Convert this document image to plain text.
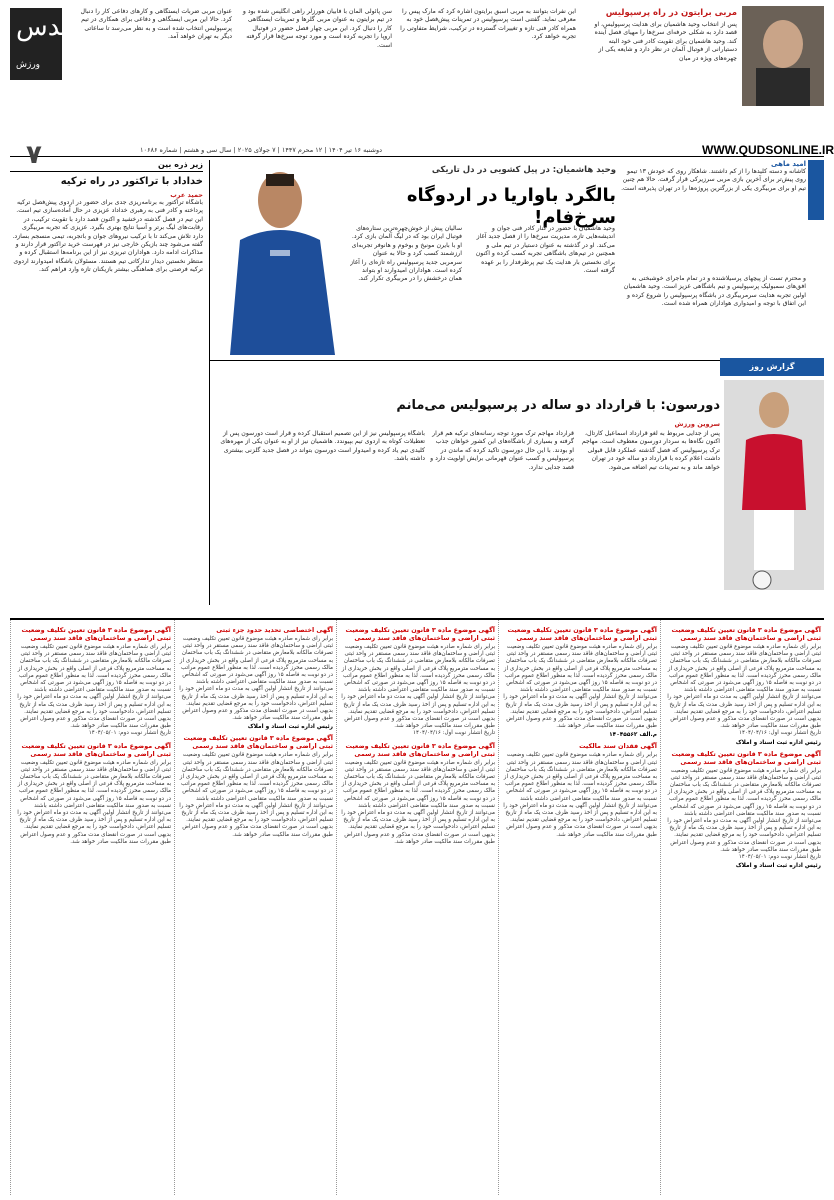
قدس
ورزش
مربی برایتون در راه پرسپولیس
پس از انتخاب وحید هاشمیان برای هدایت پرسپولیس، او قصد دارد به شکلی حرفه‌ای سرخ‌ها را مهیای فصل آینده کند. وحید هاشمیان برای تقویت کادر فنی خود البته دستیارانی از فوتبال آلمان در نظر دارد و شایعه یکی از چهره‌های ویژه در میان
این نفرات بتوانند به مربی اسبق برایتون اشاره کرد که مارک پیس را معرفی نماید. گفتنی است پرسپولیس در تمرینات پیش‌فصل خود به همراه کادر فنی تازه و تغییرات گسترده در ترکیب، شرایط متفاوتی را تجربه خواهد کرد.
سن پائولی آلمان با فابیان هورزلر راهی انگلیس شده بود و در تیم برایتون به عنوان مربی گلرها و تمرینات ایستگاهی کار را دنبال کرد. این مربی چهار فصل حضور در فوتبال اروپا را تجربه کرده است و مورد توجه سرخ‌ها قرار گرفته است.
عنوان مربی ضربات ایستگاهی و کارهای دفاعی کار را دنبال کرد. حالا این مربی ایستگاهی و دفاعی برای همکاری در تیم پرسپولیس انتخاب شده است و به نظر می‌رسد تا ساعاتی دیگر به تهران خواهد آمد.
WWW.QUDSONLINE.IR
دوشنبه ۱۶ تیر ۱۴۰۴ | ۱۲ محرم ۱۴۴۷ | ۷ جولای ۲۰۲۵ | سال سی و هشتم | شماره ۱۰۶۸۶
۷	امید ماهی
کاشانه و دسته کلیدها را از کم داشتند. شاهکار روی که خودش ۱۳ تیمو روی پیش‌تر برای آخرین بازی مربی سرزیرکی قرار گرفت. حالا هم چنین تیم او برای مربیگری یکی از بزرگترین پروژه‌ها را در تهران پذیرفته است.
وحید هاشمیان: در پیل کشویی در دل تاریکی
بالگرد باواریا در اردوگاه سرخ‌فام!
وحید هاشمیان با حضور در کنار کادر فنی جوان و اندیشه‌هایی تازه، مدیریت سرخ‌ها را از فصل جدید آغاز می‌کند. او در گذشته به عنوان دستیار در تیم ملی و همچنین در تیم‌های باشگاهی تجربه کسب کرده و اکنون برای نخستین بار هدایت یک تیم پرطرفدار را بر عهده گرفته است.
و محترم تست از پیچهای پرسیلاشنده و در تمام ماجرای خوشبختی به افق‌های سمبولیک پرسپولیس و تیم باشگاهی عزیز است. وحید هاشمیان اولین تجربه هدایت سرمربیگری در باشگاه پرسپولیس را شروع کرده و این اتفاق با توجه و امیدواری هواداران همراه شده است.
سالیان پیش از خوش‌چهره‌ترین ستاره‌های فوتبال ایران بود که در لیگ آلمان بازی کرد. او با بایرن مونیخ و بوخوم و هانوفر تجربه‌ای ارزشمند کسب کرد و حالا به عنوان سرمربی جدید پرسپولیس راه تازه‌ای را آغاز کرده است. هواداران امیدوارند او بتواند همان درخشش را در مربیگری تکرار کند.
زیر ذره بین
خداداد با تراکتور در راه ترکیه
حمید عرب
باشگاه تراکتور به برنامه‌ریزی جدی برای حضور در اردوی پیش‌فصل ترکیه پرداخته و کادر فنی به رهبری خداداد عزیزی در حال آماده‌سازی تیم است. این تیم در فصل گذشته درخشید و اکنون قصد دارد با تقویت ترکیب، در رقابت‌های لیگ برتر و آسیا نتایج بهتری بگیرد. عزیزی که تجربه مربیگری دارد تلاش می‌کند تا با ترکیب نیروهای جوان و باتجربه، تیمی منسجم بسازد. گفته می‌شود چند بازیکن خارجی نیز در فهرست خرید تراکتور قرار دارند و مذاکرات ادامه دارد. هواداران تبریزی نیز از این برنامه‌ها استقبال کرده و منتظر نخستین دیدار تدارکاتی تیم هستند. مسئولان باشگاه امیدوارند اردوی ترکیه فرصتی برای هماهنگی بیشتر بازیکنان تازه وارد فراهم کند.
گزارش روز
دورسون: با قرارداد دو ساله در پرسپولیس می‌مانم
سروین ورزش
پس از جدایی مربوط به لغو قرارداد اسماعیل کارتال، اکنون نگاه‌ها به سردار دورسون معطوف است. مهاجم ترک پرسپولیس که فصل گذشته عملکرد قابل قبولی داشت اعلام کرده با قرارداد دو ساله خود در تهران خواهد ماند و به تمرینات تیم اضافه می‌شود.
قرارداد مهاجم ترک مورد توجه رسانه‌های ترکیه هم قرار گرفته و بسیاری از باشگاه‌های این کشور خواهان جذب او بودند. با این حال دورسون تاکید کرده که ماندن در پرسپولیس و کسب عنوان قهرمانی برایش اولویت دارد و قصد جدایی ندارد.
باشگاه پرسپولیس نیز از این تصمیم استقبال کرده و قرار است دورسون پس از تعطیلات کوتاه به اردوی تیم بپیوندد. هاشمیان نیز از او به عنوان یکی از مهره‌های کلیدی تیم یاد کرده و امیدوار است دورسون بتواند در فصل جدید گلزنی بیشتری داشته باشد.
آگهی موضوع ماده ۳ قانون تعیین تکلیف وضعیت ثبتی اراضی و ساختمان‌های فاقد سند رسمی
برابر رای شماره صادره هیئت موضوع قانون تعیین تکلیف وضعیت ثبتی اراضی و ساختمان‌های فاقد سند رسمی مستقر در واحد ثبتی تصرفات مالکانه بلامعارض متقاضی در ششدانگ یک باب ساختمان به مساحت مترمربع پلاک فرعی از اصلی واقع در بخش خریداری از مالک رسمی محرز گردیده است. لذا به منظور اطلاع عموم مراتب در دو نوبت به فاصله ۱۵ روز آگهی می‌شود در صورتی که اشخاص نسبت به صدور سند مالکیت متقاضی اعتراضی داشته باشند می‌توانند از تاریخ انتشار اولین آگهی به مدت دو ماه اعتراض خود را به این اداره تسلیم و پس از اخذ رسید ظرف مدت یک ماه از تاریخ تسلیم اعتراض، دادخواست خود را به مرجع قضایی تقدیم نمایند. بدیهی است در صورت انقضای مدت مذکور و عدم وصول اعتراض طبق مقررات سند مالکیت صادر خواهد شد.
تاریخ انتشار نوبت اول: ۱۴۰۴/۰۴/۱۶
رئیس اداره ثبت اسناد و املاک
آگهی موضوع ماده ۳ قانون تعیین تکلیف وضعیت ثبتی اراضی و ساختمان‌های فاقد سند رسمی
برابر رای شماره صادره هیئت موضوع قانون تعیین تکلیف وضعیت ثبتی اراضی و ساختمان‌های فاقد سند رسمی مستقر در واحد ثبتی تصرفات مالکانه بلامعارض متقاضی در ششدانگ یک باب ساختمان به مساحت مترمربع پلاک فرعی از اصلی واقع در بخش خریداری از مالک رسمی محرز گردیده است. لذا به منظور اطلاع عموم مراتب در دو نوبت به فاصله ۱۵ روز آگهی می‌شود در صورتی که اشخاص نسبت به صدور سند مالکیت متقاضی اعتراضی داشته باشند می‌توانند از تاریخ انتشار اولین آگهی به مدت دو ماه اعتراض خود را به این اداره تسلیم و پس از اخذ رسید ظرف مدت یک ماه از تاریخ تسلیم اعتراض، دادخواست خود را به مرجع قضایی تقدیم نمایند. بدیهی است در صورت انقضای مدت مذکور و عدم وصول اعتراض طبق مقررات سند مالکیت صادر خواهد شد.
تاریخ انتشار نوبت دوم: ۱۴۰۴/۰۵/۰۱
رئیس اداره ثبت اسناد و املاک
آگهی موضوع ماده ۳ قانون تعیین تکلیف وضعیت ثبتی اراضی و ساختمان‌های فاقد سند رسمی
برابر رای شماره صادره هیئت موضوع قانون تعیین تکلیف وضعیت ثبتی اراضی و ساختمان‌های فاقد سند رسمی مستقر در واحد ثبتی تصرفات مالکانه بلامعارض متقاضی در ششدانگ یک باب ساختمان به مساحت مترمربع پلاک فرعی از اصلی واقع در بخش خریداری از مالک رسمی محرز گردیده است. لذا به منظور اطلاع عموم مراتب در دو نوبت به فاصله ۱۵ روز آگهی می‌شود در صورتی که اشخاص نسبت به صدور سند مالکیت متقاضی اعتراضی داشته باشند می‌توانند از تاریخ انتشار اولین آگهی به مدت دو ماه اعتراض خود را به این اداره تسلیم و پس از اخذ رسید ظرف مدت یک ماه از تاریخ تسلیم اعتراض، دادخواست خود را به مرجع قضایی تقدیم نمایند. بدیهی است در صورت انقضای مدت مذکور و عدم وصول اعتراض طبق مقررات سند مالکیت صادر خواهد شد.
م.الف ۱۴۰۴۵۵۶۲
آگهی فقدان سند مالکیت
برابر رای شماره صادره هیئت موضوع قانون تعیین تکلیف وضعیت ثبتی اراضی و ساختمان‌های فاقد سند رسمی مستقر در واحد ثبتی تصرفات مالکانه بلامعارض متقاضی در ششدانگ یک باب ساختمان به مساحت مترمربع پلاک فرعی از اصلی واقع در بخش خریداری از مالک رسمی محرز گردیده است. لذا به منظور اطلاع عموم مراتب در دو نوبت به فاصله ۱۵ روز آگهی می‌شود در صورتی که اشخاص نسبت به صدور سند مالکیت متقاضی اعتراضی داشته باشند می‌توانند از تاریخ انتشار اولین آگهی به مدت دو ماه اعتراض خود را به این اداره تسلیم و پس از اخذ رسید ظرف مدت یک ماه از تاریخ تسلیم اعتراض، دادخواست خود را به مرجع قضایی تقدیم نمایند. بدیهی است در صورت انقضای مدت مذکور و عدم وصول اعتراض طبق مقررات سند مالکیت صادر خواهد شد.
آگهی موضوع ماده ۳ قانون تعیین تکلیف وضعیت ثبتی اراضی و ساختمان‌های فاقد سند رسمی
برابر رای شماره صادره هیئت موضوع قانون تعیین تکلیف وضعیت ثبتی اراضی و ساختمان‌های فاقد سند رسمی مستقر در واحد ثبتی تصرفات مالکانه بلامعارض متقاضی در ششدانگ یک باب ساختمان به مساحت مترمربع پلاک فرعی از اصلی واقع در بخش خریداری از مالک رسمی محرز گردیده است. لذا به منظور اطلاع عموم مراتب در دو نوبت به فاصله ۱۵ روز آگهی می‌شود در صورتی که اشخاص نسبت به صدور سند مالکیت متقاضی اعتراضی داشته باشند می‌توانند از تاریخ انتشار اولین آگهی به مدت دو ماه اعتراض خود را به این اداره تسلیم و پس از اخذ رسید ظرف مدت یک ماه از تاریخ تسلیم اعتراض، دادخواست خود را به مرجع قضایی تقدیم نمایند. بدیهی است در صورت انقضای مدت مذکور و عدم وصول اعتراض طبق مقررات سند مالکیت صادر خواهد شد.
تاریخ انتشار نوبت اول: ۱۴۰۴/۰۴/۱۶
آگهی موضوع ماده ۳ قانون تعیین تکلیف وضعیت ثبتی اراضی و ساختمان‌های فاقد سند رسمی
برابر رای شماره صادره هیئت موضوع قانون تعیین تکلیف وضعیت ثبتی اراضی و ساختمان‌های فاقد سند رسمی مستقر در واحد ثبتی تصرفات مالکانه بلامعارض متقاضی در ششدانگ یک باب ساختمان به مساحت مترمربع پلاک فرعی از اصلی واقع در بخش خریداری از مالک رسمی محرز گردیده است. لذا به منظور اطلاع عموم مراتب در دو نوبت به فاصله ۱۵ روز آگهی می‌شود در صورتی که اشخاص نسبت به صدور سند مالکیت متقاضی اعتراضی داشته باشند می‌توانند از تاریخ انتشار اولین آگهی به مدت دو ماه اعتراض خود را به این اداره تسلیم و پس از اخذ رسید ظرف مدت یک ماه از تاریخ تسلیم اعتراض، دادخواست خود را به مرجع قضایی تقدیم نمایند. بدیهی است در صورت انقضای مدت مذکور و عدم وصول اعتراض طبق مقررات سند مالکیت صادر خواهد شد.
آگهی اختصاصی تحدید حدود جزء ثبتی
برابر رای شماره صادره هیئت موضوع قانون تعیین تکلیف وضعیت ثبتی اراضی و ساختمان‌های فاقد سند رسمی مستقر در واحد ثبتی تصرفات مالکانه بلامعارض متقاضی در ششدانگ یک باب ساختمان به مساحت مترمربع پلاک فرعی از اصلی واقع در بخش خریداری از مالک رسمی محرز گردیده است. لذا به منظور اطلاع عموم مراتب در دو نوبت به فاصله ۱۵ روز آگهی می‌شود در صورتی که اشخاص نسبت به صدور سند مالکیت متقاضی اعتراضی داشته باشند می‌توانند از تاریخ انتشار اولین آگهی به مدت دو ماه اعتراض خود را به این اداره تسلیم و پس از اخذ رسید ظرف مدت یک ماه از تاریخ تسلیم اعتراض، دادخواست خود را به مرجع قضایی تقدیم نمایند. بدیهی است در صورت انقضای مدت مذکور و عدم وصول اعتراض طبق مقررات سند مالکیت صادر خواهد شد.
رئیس اداره ثبت اسناد و املاک
آگهی موضوع ماده ۳ قانون تعیین تکلیف وضعیت ثبتی اراضی و ساختمان‌های فاقد سند رسمی
برابر رای شماره صادره هیئت موضوع قانون تعیین تکلیف وضعیت ثبتی اراضی و ساختمان‌های فاقد سند رسمی مستقر در واحد ثبتی تصرفات مالکانه بلامعارض متقاضی در ششدانگ یک باب ساختمان به مساحت مترمربع پلاک فرعی از اصلی واقع در بخش خریداری از مالک رسمی محرز گردیده است. لذا به منظور اطلاع عموم مراتب در دو نوبت به فاصله ۱۵ روز آگهی می‌شود در صورتی که اشخاص نسبت به صدور سند مالکیت متقاضی اعتراضی داشته باشند می‌توانند از تاریخ انتشار اولین آگهی به مدت دو ماه اعتراض خود را به این اداره تسلیم و پس از اخذ رسید ظرف مدت یک ماه از تاریخ تسلیم اعتراض، دادخواست خود را به مرجع قضایی تقدیم نمایند. بدیهی است در صورت انقضای مدت مذکور و عدم وصول اعتراض طبق مقررات سند مالکیت صادر خواهد شد.
آگهی موضوع ماده ۳ قانون تعیین تکلیف وضعیت ثبتی اراضی و ساختمان‌های فاقد سند رسمی
برابر رای شماره صادره هیئت موضوع قانون تعیین تکلیف وضعیت ثبتی اراضی و ساختمان‌های فاقد سند رسمی مستقر در واحد ثبتی تصرفات مالکانه بلامعارض متقاضی در ششدانگ یک باب ساختمان به مساحت مترمربع پلاک فرعی از اصلی واقع در بخش خریداری از مالک رسمی محرز گردیده است. لذا به منظور اطلاع عموم مراتب در دو نوبت به فاصله ۱۵ روز آگهی می‌شود در صورتی که اشخاص نسبت به صدور سند مالکیت متقاضی اعتراضی داشته باشند می‌توانند از تاریخ انتشار اولین آگهی به مدت دو ماه اعتراض خود را به این اداره تسلیم و پس از اخذ رسید ظرف مدت یک ماه از تاریخ تسلیم اعتراض، دادخواست خود را به مرجع قضایی تقدیم نمایند. بدیهی است در صورت انقضای مدت مذکور و عدم وصول اعتراض طبق مقررات سند مالکیت صادر خواهد شد.
تاریخ انتشار نوبت دوم: ۱۴۰۴/۰۵/۰۱
آگهی موضوع ماده ۳ قانون تعیین تکلیف وضعیت ثبتی اراضی و ساختمان‌های فاقد سند رسمی
برابر رای شماره صادره هیئت موضوع قانون تعیین تکلیف وضعیت ثبتی اراضی و ساختمان‌های فاقد سند رسمی مستقر در واحد ثبتی تصرفات مالکانه بلامعارض متقاضی در ششدانگ یک باب ساختمان به مساحت مترمربع پلاک فرعی از اصلی واقع در بخش خریداری از مالک رسمی محرز گردیده است. لذا به منظور اطلاع عموم مراتب در دو نوبت به فاصله ۱۵ روز آگهی می‌شود در صورتی که اشخاص نسبت به صدور سند مالکیت متقاضی اعتراضی داشته باشند می‌توانند از تاریخ انتشار اولین آگهی به مدت دو ماه اعتراض خود را به این اداره تسلیم و پس از اخذ رسید ظرف مدت یک ماه از تاریخ تسلیم اعتراض، دادخواست خود را به مرجع قضایی تقدیم نمایند. بدیهی است در صورت انقضای مدت مذکور و عدم وصول اعتراض طبق مقررات سند مالکیت صادر خواهد شد.
